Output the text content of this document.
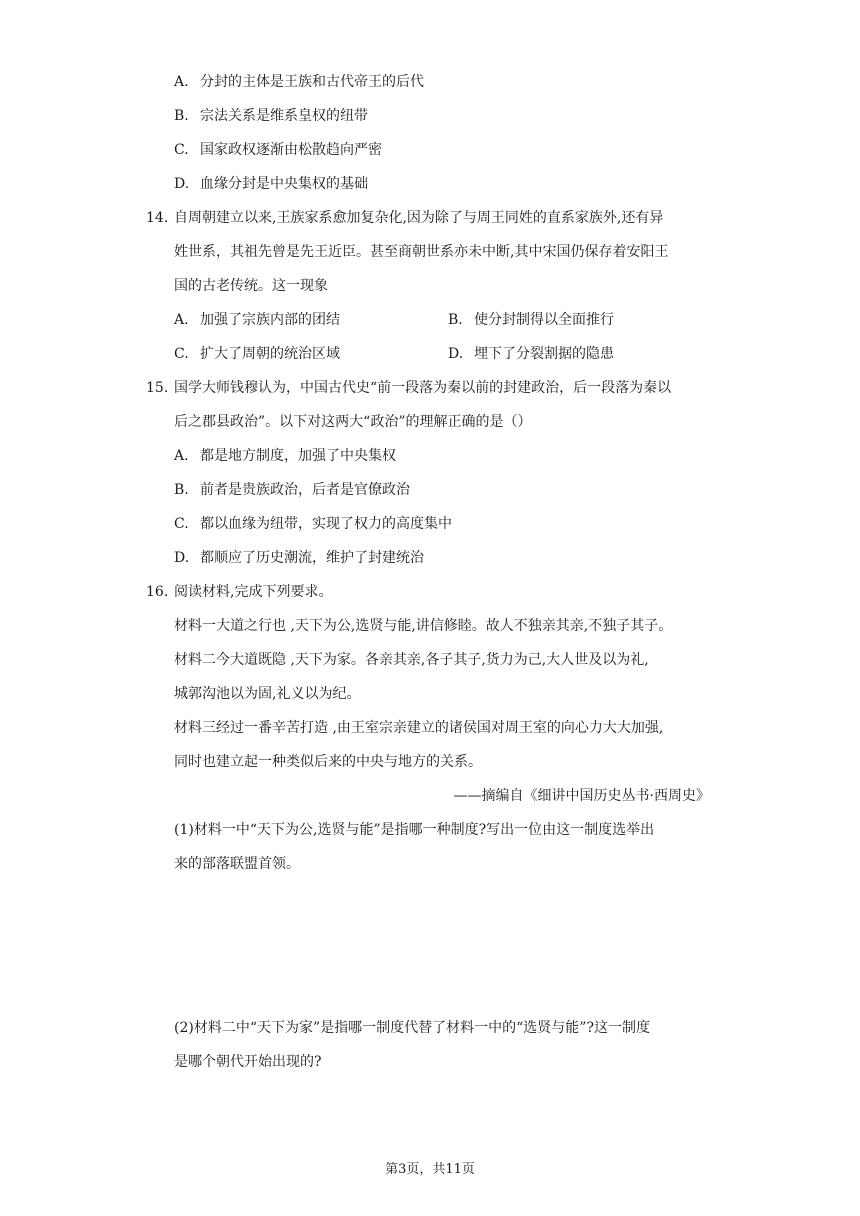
A. 分封的主体是王族和古代帝王的后代
B. 宗法关系是维系皇权的纽带
C. 国家政权逐渐由松散趋向严密
D. 血缘分封是中央集权的基础
14. 自周朝建立以来,王族家系愈加复杂化,因为除了与周王同姓的直系家族外,还有异
姓世系，其祖先曾是先王近臣。甚至商朝世系亦未中断,其中宋国仍保存着安阳王
国的古老传统。这一现象
A. 加强了宗族内部的团结	B. 使分封制得以全面推行
C. 扩大了周朝的统治区域	D. 埋下了分裂割据的隐患
15. 国学大师钱穆认为，中国古代史“前一段落为秦以前的封建政治，后一段落为秦以
后之郡县政治”。以下对这两大“政治”的理解正确的是（）
A. 都是地方制度，加强了中央集权
B. 前者是贵族政治，后者是官僚政治
C. 都以血缘为纽带，实现了权力的高度集中
D. 都顺应了历史潮流，维护了封建统治
16. 阅读材料,完成下列要求。
材料一大道之行也 ,天下为公,选贤与能,讲信修睦。故人不独亲其亲,不独子其子。
材料二今大道既隐 ,天下为家。各亲其亲,各子其子,货力为己,大人世及以为礼,
城郭沟池以为固,礼义以为纪。
材料三经过一番辛苦打造 ,由王室宗亲建立的诸侯国对周王室的向心力大大加强,
同时也建立起一种类似后来的中央与地方的关系。
——摘编自《细讲中国历史丛书·西周史》
(1)材料一中“天下为公,选贤与能”是指哪一种制度?写出一位由这一制度选举出
来的部落联盟首领。
(2)材料二中“天下为家”是指哪一制度代替了材料一中的“选贤与能”?这一制度
是哪个朝代开始出现的?
第3页，共11页
